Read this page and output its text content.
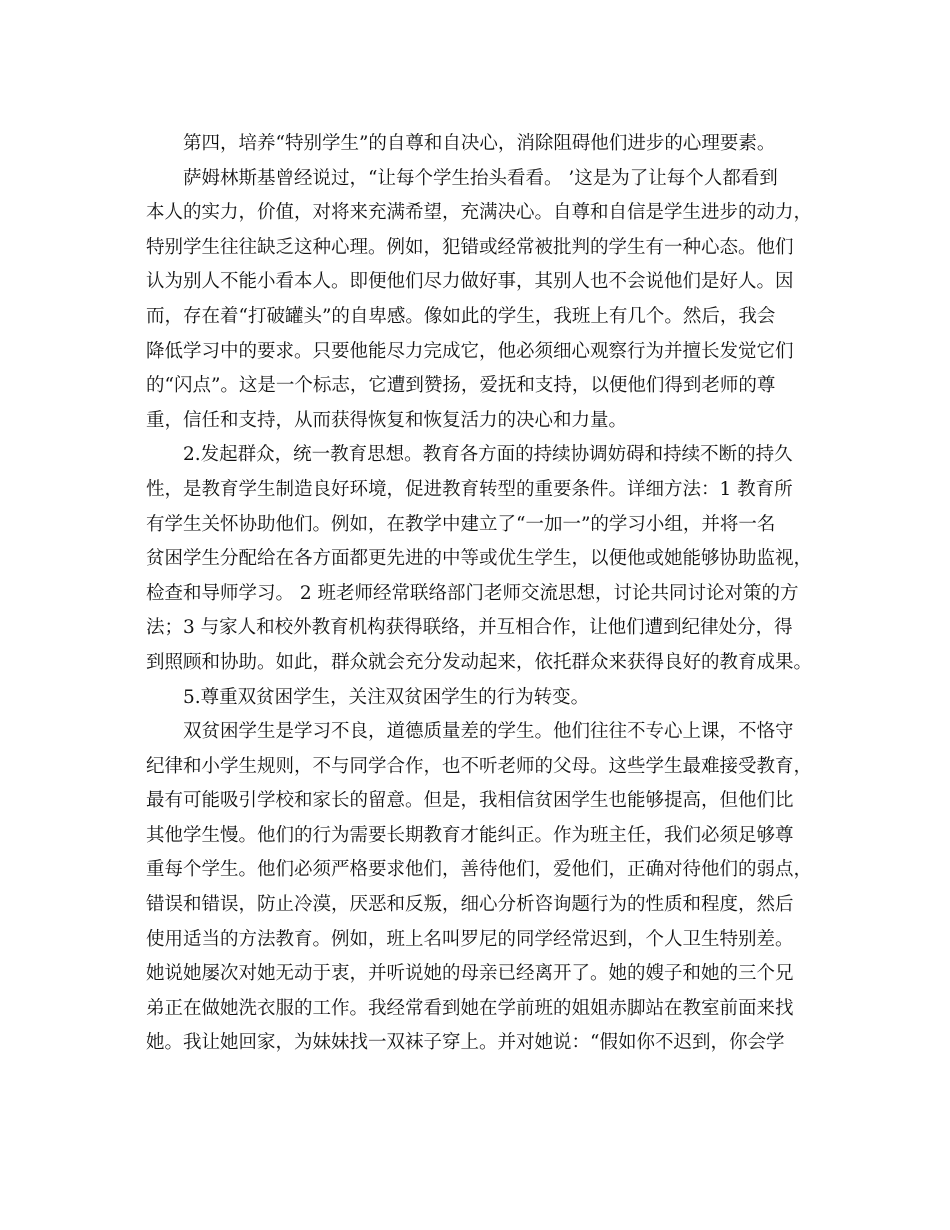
第四，培养“特别学生”的自尊和自决心，消除阻碍他们进步的心理要素。
萨姆林斯基曾经说过，“让每个学生抬头看看。 ’这是为了让每个人都看到
本人的实力，价值，对将来充满希望，充满决心。自尊和自信是学生进步的动力，
特别学生往往缺乏这种心理。例如，犯错或经常被批判的学生有一种心态。他们
认为别人不能小看本人。即便他们尽力做好事，其别人也不会说他们是好人。因
而，存在着“打破罐头”的自卑感。像如此的学生，我班上有几个。然后，我会
降低学习中的要求。只要他能尽力完成它，他必须细心观察行为并擅长发觉它们
的“闪点”。这是一个标志，它遭到赞扬，爱抚和支持，以便他们得到老师的尊
重，信任和支持，从而获得恢复和恢复活力的决心和力量。
2.发起群众，统一教育思想。教育各方面的持续协调妨碍和持续不断的持久
性，是教育学生制造良好环境，促进教育转型的重要条件。详细方法：1 教育所
有学生关怀协助他们。例如，在教学中建立了“一加一”的学习小组，并将一名
贫困学生分配给在各方面都更先进的中等或优生学生，以便他或她能够协助监视，
检查和导师学习。 2 班老师经常联络部门老师交流思想，讨论共同讨论对策的方
法；3 与家人和校外教育机构获得联络，并互相合作，让他们遭到纪律处分，得
到照顾和协助。如此，群众就会充分发动起来，依托群众来获得良好的教育成果。
5.尊重双贫困学生，关注双贫困学生的行为转变。
双贫困学生是学习不良，道德质量差的学生。他们往往不专心上课，不恪守
纪律和小学生规则，不与同学合作，也不听老师的父母。这些学生最难接受教育，
最有可能吸引学校和家长的留意。但是，我相信贫困学生也能够提高，但他们比
其他学生慢。他们的行为需要长期教育才能纠正。作为班主任，我们必须足够尊
重每个学生。他们必须严格要求他们，善待他们，爱他们，正确对待他们的弱点，
错误和错误，防止冷漠，厌恶和反叛，细心分析咨询题行为的性质和程度，然后
使用适当的方法教育。例如，班上名叫罗尼的同学经常迟到，个人卫生特别差。
她说她屡次对她无动于衷，并听说她的母亲已经离开了。她的嫂子和她的三个兄
弟正在做她洗衣服的工作。我经常看到她在学前班的姐姐赤脚站在教室前面来找
她。我让她回家，为妹妹找一双袜子穿上。并对她说：“假如你不迟到，你会学
